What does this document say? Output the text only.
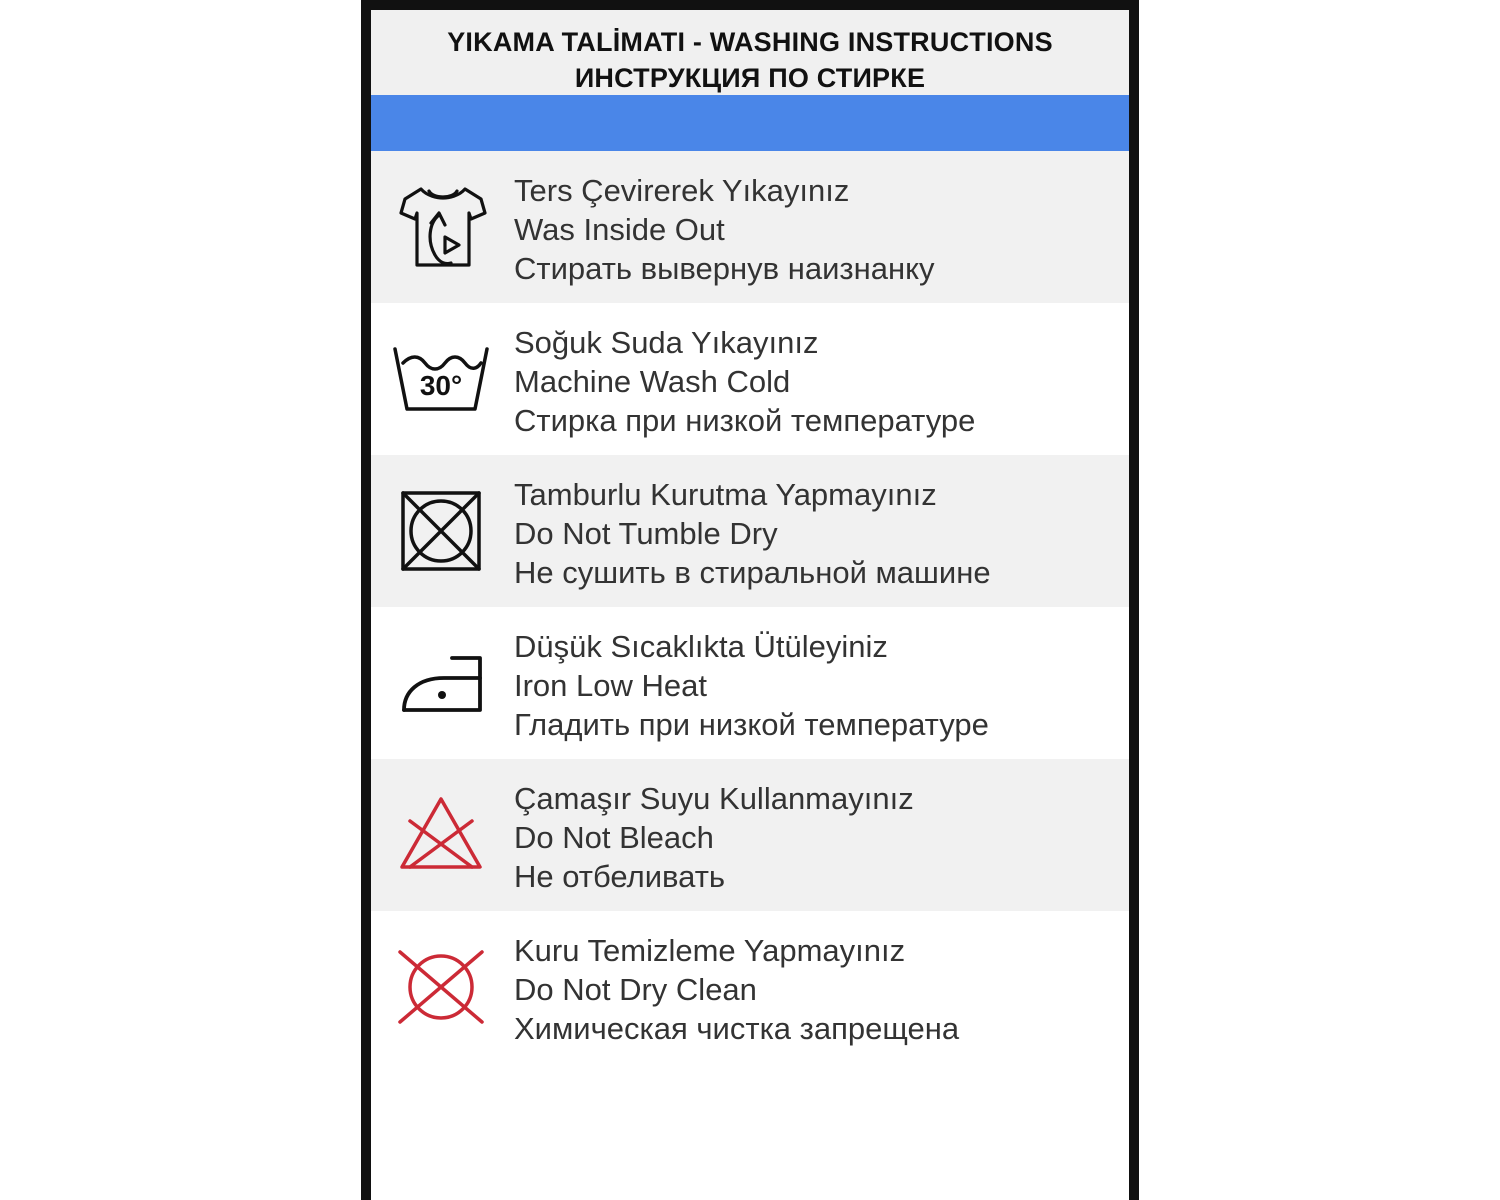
YIKAMA TALİMATI - WASHING INSTRUCTIONS
ИНСТРУКЦИЯ ПО СТИРКЕ
Ters Çevirerek Yıkayınız
Was Inside Out
Стирать вывернув наизнанку
30°
Soğuk Suda Yıkayınız
Machine Wash Cold
Стирка при низкой температуре
Tamburlu Kurutma Yapmayınız
Do Not Tumble Dry
Не сушить в стиральной машине
Düşük Sıcaklıkta Ütüleyiniz
Iron Low Heat
Гладить при низкой температуре
Çamaşır Suyu Kullanmayınız
Do Not Bleach
Не отбеливать
Kuru Temizleme Yapmayınız
Do Not Dry Clean
Химическая чистка запрещена
